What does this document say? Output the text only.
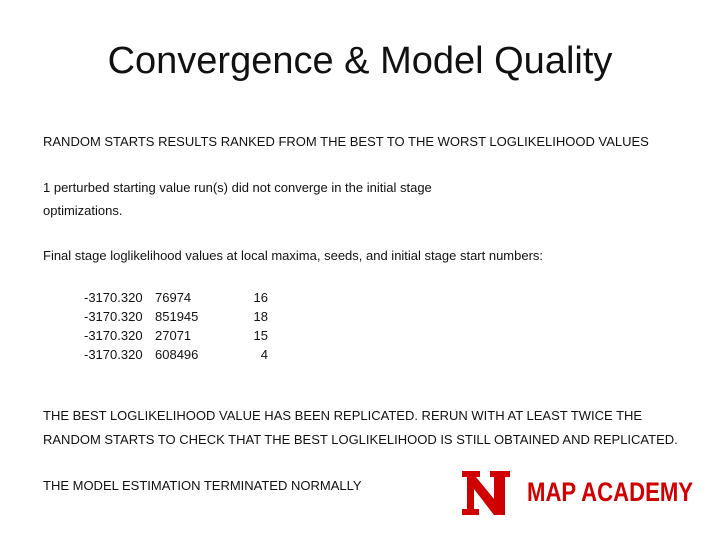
Convergence & Model Quality
RANDOM STARTS RESULTS RANKED FROM THE BEST TO THE WORST LOGLIKELIHOOD VALUES
1 perturbed starting value run(s) did not converge in the initial stage
optimizations.
Final stage loglikelihood values at local maxima, seeds, and initial stage start numbers:
-3170.320 76974	16
-3170.320 851945	18
-3170.320 27071	15
-3170.320 608496	4
THE BEST LOGLIKELIHOOD VALUE HAS BEEN REPLICATED. RERUN WITH AT LEAST TWICE THE
RANDOM STARTS TO CHECK THAT THE BEST LOGLIKELIHOOD IS STILL OBTAINED AND REPLICATED.
THE MODEL ESTIMATION TERMINATED NORMALLY	MAP ACADEMY
